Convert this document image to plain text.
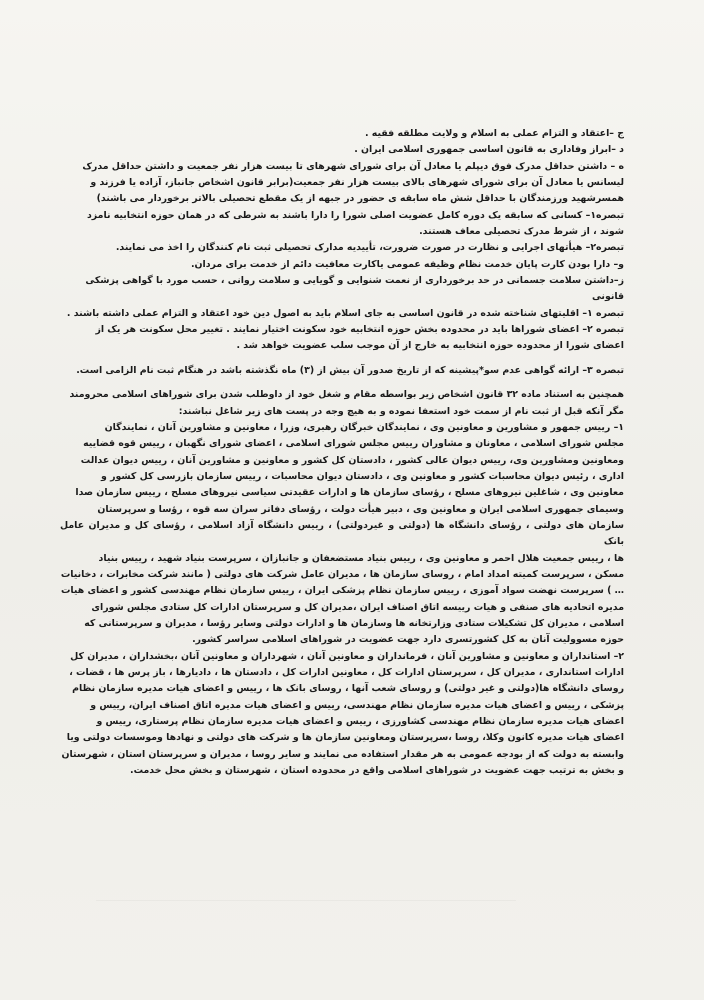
ج –اعتقاد و التزام عملی به اسلام و ولایت مطلقه فقیه .

د –ابراز وفاداری به قانون اساسی جمهوری اسلامی ایران .

ه – داشتن حداقل مدرک فوق دیپلم یا معادل آن برای شورای شهرهای تا بیست هزار نفر جمعیت و داشتن حداقل مدرک

لیسانس یا معادل آن برای شورای شهرهای بالای بیست هزار نفر جمعیت(برابر قانون اشخاص جانباز، آزاده یا فرزند و

همسرشهید ورزمندگان با حداقل شش ماه سابقه ی حضور در جبهه از یک مقطع تحصیلی بالاتر برخوردار می باشند)

تبصره۱– کسانی که سابقه یک دوره کامل عضویت اصلی شورا را دارا باشند به شرطی که در همان حوزه انتخابیه نامزد

شوند ، از شرط مدرک تحصیلی معاف هستند.

تبصره۲– هیأتهای اجرایی و نظارت در صورت ضرورت، تأییدیه مدارک تحصیلی ثبت نام کنندگان را اخذ می نمایند.

و– دارا بودن کارت پایان خدمت نظام وظیفه عمومی یاکارت معافیت دائم از خدمت برای مردان.

ز–داشتن سلامت جسمانی در حد برخورداری از نعمت شنوایی و گویایی و سلامت روانی ، حسب مورد با گواهی پزشکی

قانونی

تبصره ۱– اقلیتهای شناخته شده در قانون اساسی به جای اسلام باید به اصول دین خود اعتقاد و التزام عملی داشته باشند .

تبصره ۲– اعضای شوراها باید در محدوده بخش حوزه انتخابیه خود سکونت اختیار نمایند . تغییر محل سکونت هر یک از

اعضای شورا از محدوده حوزه انتخابیه به خارج از آن موجب سلب عضویت خواهد شد .

تبصره ۳– ارائه گواهی عدم سو*پیشینه که از تاریخ صدور آن بیش از (۳) ماه نگذشته باشد در هنگام ثبت نام الزامی است.

همچنین به استناد ماده ۳۲ قانون اشخاص زیر بواسطه مقام و شغل خود از داوطلب شدن برای شوراهای اسلامی محرومند

مگر آنکه قبل از ثبت نام از سمت خود استعفا نموده و به هیچ وجه در پست های زیر شاغل نباشند:

۱– رییس جمهور و مشاورین و معاونین وی ، نمایندگان خبرگان رهبری، وزرا ، معاونین و مشاورین آنان ، نمایندگان

مجلس شورای اسلامی ، معاونان و مشاوران رییس مجلس شورای اسلامی ، اعضای شورای نگهبان ، رییس قوه قضاییه

ومعاونین ومشاورین وی، رییس دیوان عالی کشور ، دادستان کل کشور و معاونین و مشاورین آنان ، رییس دیوان عدالت

اداری ، رئیس دیوان محاسبات کشور و معاونین وی ، دادستان دیوان محاسبات ، رییس سازمان بازرسی کل کشور و

معاونین وی ، شاغلین نیروهای مسلح ، رؤسای سازمان ها و ادارات عقیدتی سیاسی نیروهای مسلح ، رییس سازمان صدا

وسیمای جمهوری اسلامی ایران و معاونین وی ، دبیر هیأت دولت ، رؤسای دفاتر سران سه قوه ، رؤسا و سرپرستان

سازمان های دولتی ، رؤسای دانشگاه ها (دولتی و غیردولتی) ، رییس دانشگاه آزاد اسلامی ، رؤسای کل و مدیران عامل بانک

ها ، رییس جمعیت هلال احمر و معاونین وی ، رییس بنیاد مستضعفان و جانبازان ، سرپرست بنیاد شهید ، رییس بنیاد

مسکن ، سرپرست کمیته امداد امام ، روسای سازمان ها ، مدیران عامل شرکت های دولتی ( مانند شرکت مخابرات ، دخانیات

… ) سرپرست نهضت سواد آموزی ، رییس سازمان نظام پزشکی ایران ، رییس سازمان نظام مهندسی کشور و اعضای هیات

مدیره اتحادیه های صنفی و هیات رییسه اتاق اصناف ایران ،مدیران کل و سرپرستان ادارات کل ستادی مجلس شورای

اسلامی ، مدیران کل تشکیلات ستادی وزارتخانه ها وسازمان ها و ادارات دولتی وسایر رؤسا ، مدیران و سرپرستانی که

حوزه مسوولیت آنان به کل کشورتسری دارد جهت عضویت در شوراهای اسلامی سراسر کشور.

۲– استانداران و معاونین و مشاورین آنان ، فرمانداران و معاونین آنان ، شهرداران و معاونین آنان ،بخشداران ، مدیران کل

ادارات استانداری ، مدیران کل ، سرپرستان ادارات کل ، معاونین ادارات کل ، دادستان ها ، دادیارها ، باز پرس ها ، قضات ،

روسای دانشگاه ها(دولتی و غیر دولتی) و روسای شعب آنها ، روسای بانک ها ، رییس و اعضای هیات مدیره سازمان نظام

پزشکی ، رییس و اعضای هیات مدیره سازمان نظام مهندسی، رییس و اعضای هیات مدیره اتاق اصناف ایران، رییس و

اعضای هیات مدیره سازمان نظام مهندسی کشاورزی ، رییس و اعضای هیات مدیره سازمان نظام پرستاری، رییس و

اعضای هیات مدیره کانون وکلا، روسا ،سرپرستان ومعاونین سازمان ها و شرکت های دولتی و نهادها وموسسات دولتی ویا

وابسته به دولت که از بودجه عمومی به هر مقدار استفاده می نمایند و سایر روسا ، مدیران و سرپرستان استان ، شهرستان

و بخش به ترتیب جهت عضویت در شوراهای اسلامی واقع در محدوده استان ، شهرستان و بخش محل خدمت.
